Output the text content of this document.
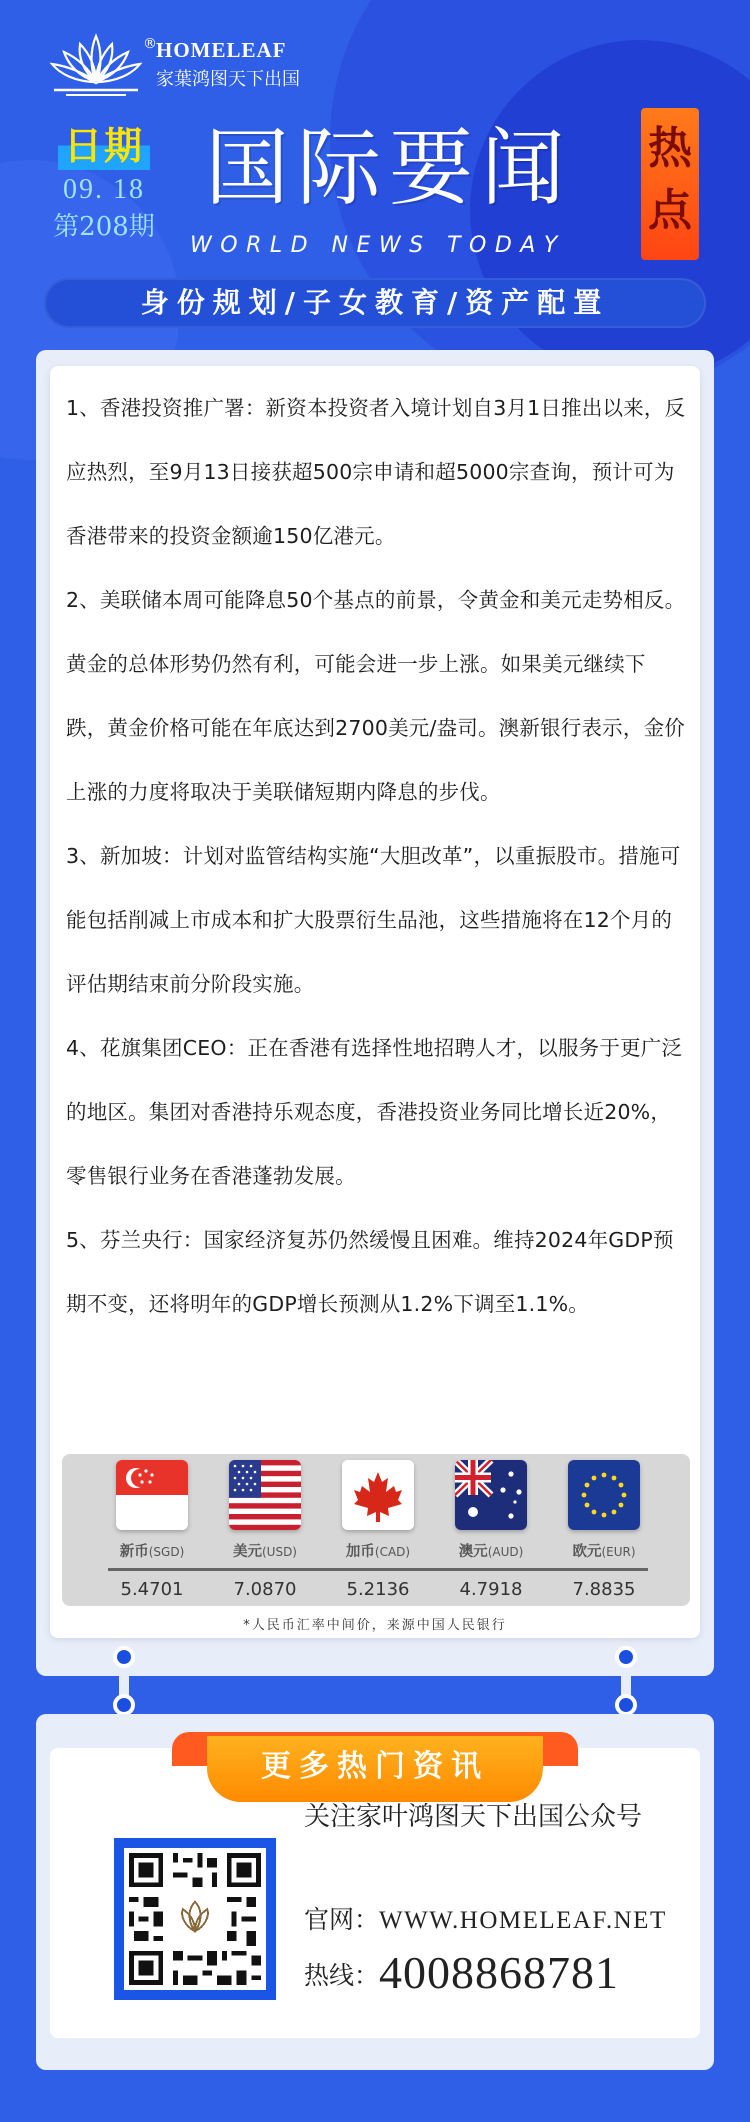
HOMELEAF
家葉鸿图天下出国
®
日期
09. 18
第208期
国际要闻
WORLD NEWS TODAY
热点
身份规划/子女教育/资产配置

1、香港投资推广署：新资本投资者入境计划自3月1日推出以来，反应热烈，至9月13日接获超500宗申请和超5000宗查询，预计可为香港带来的投资金额逾150亿港元。

2、美联储本周可能降息50个基点的前景，令黄金和美元走势相反。黄金的总体形势仍然有利，可能会进一步上涨。如果美元继续下跌，黄金价格可能在年底达到2700美元/盎司。澳新银行表示，金价上涨的力度将取决于美联储短期内降息的步伐。

3、新加坡：计划对监管结构实施“大胆改革”，以重振股市。措施可能包括削减上市成本和扩大股票衍生品池，这些措施将在12个月的评估期结束前分阶段实施。

4、花旗集团CEO：正在香港有选择性地招聘人才，以服务于更广泛的地区。集团对香港持乐观态度，香港投资业务同比增长近20%，零售银行业务在香港蓬勃发展。

5、芬兰央行：国家经济复苏仍然缓慢且困难。维持2024年GDP预期不变，还将明年的GDP增长预测从1.2%下调至1.1%。

新币(SGD)	美元(USD)	加币(CAD)	澳元(AUD)	欧元(EUR)
5.4701	7.0870	5.2136	4.7918	7.8835
*人民币汇率中间价，来源中国人民银行
更多热门资讯
关注家叶鸿图天下出国公众号
官网：WWW.HOMELEAF.NET
热线：4008868781
